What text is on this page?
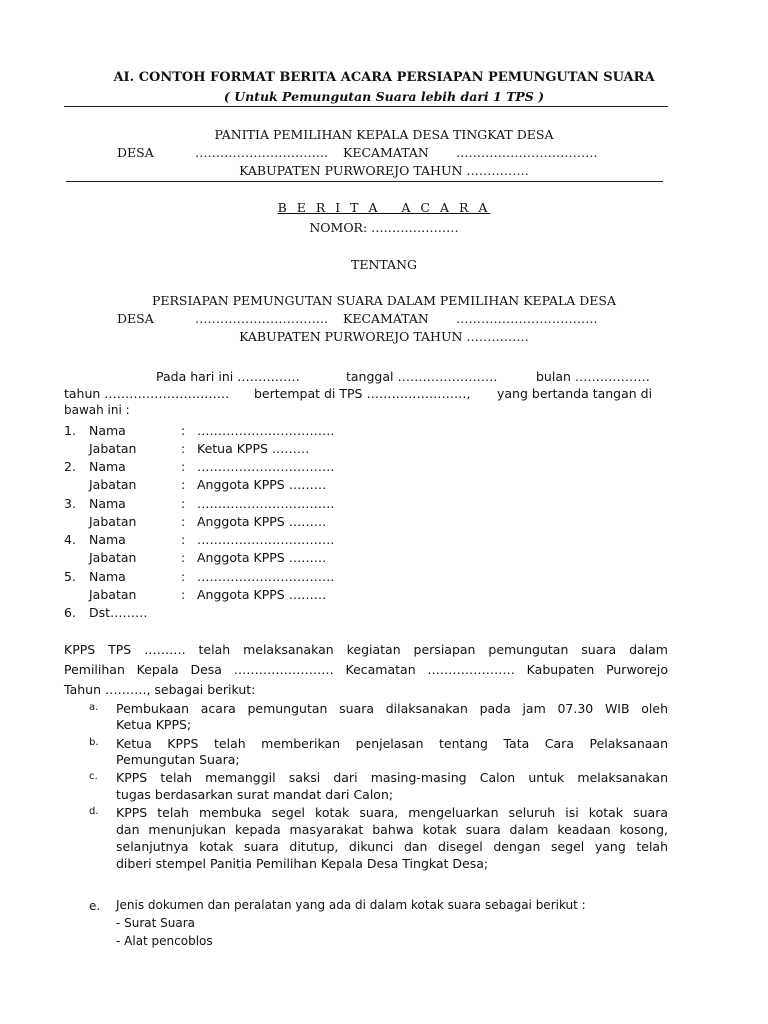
AI. CONTOH FORMAT BERITA ACARA PERSIAPAN PEMUNGUTAN SUARA
( Untuk Pemungutan Suara lebih dari 1 TPS )
PANITIA PEMILIHAN KEPALA DESA TINGKAT DESA
DESA	………………………….. KECAMATAN …………………………….
KABUPATEN PURWOREJO TAHUN ……………
B E R I T A   A C A R A
NOMOR: …………………
TENTANG
PERSIAPAN PEMUNGUTAN SUARA DALAM PEMILIHAN KEPALA DESA
DESA	………………………….. KECAMATAN …………………………….
KABUPATEN PURWOREJO TAHUN ……………
Pada hari ini ……………	tanggal ……………………	bulan ………………
tahun ………………………… bertempat di TPS ……………………, yang bertanda tangan di
bawah ini :
1. Nama	: ……………………………
Jabatan	: Ketua KPPS ………
2. Nama	: ……………………………
Jabatan	: Anggota KPPS ………
3. Nama	: ……………………………
Jabatan	: Anggota KPPS ………
4. Nama	: ……………………………
Jabatan	: Anggota KPPS ………
5. Nama	: ……………………………
Jabatan	: Anggota KPPS ………
6. Dst………
KPPS TPS ………. telah melaksanakan kegiatan persiapan pemungutan suara dalam
Pemilihan Kepala Desa …………………… Kecamatan ………………… Kabupaten Purworejo
Tahun ………., sebagai berikut:
a. Pembukaan acara pemungutan suara dilaksanakan pada jam 07.30 WIB oleh
Ketua KPPS;
b. Ketua KPPS telah memberikan penjelasan tentang Tata Cara Pelaksanaan
Pemungutan Suara;
c. KPPS telah memanggil saksi dari masing-masing Calon untuk melaksanakan
tugas berdasarkan surat mandat dari Calon;
d. KPPS telah membuka segel kotak suara, mengeluarkan seluruh isi kotak suara
dan menunjukan kepada masyarakat bahwa kotak suara dalam keadaan kosong,
selanjutnya kotak suara ditutup, dikunci dan disegel dengan segel yang telah
diberi stempel Panitia Pemilihan Kepala Desa Tingkat Desa;
e. Jenis dokumen dan peralatan yang ada di dalam kotak suara sebagai berikut :
- Surat Suara
- Alat pencoblos
